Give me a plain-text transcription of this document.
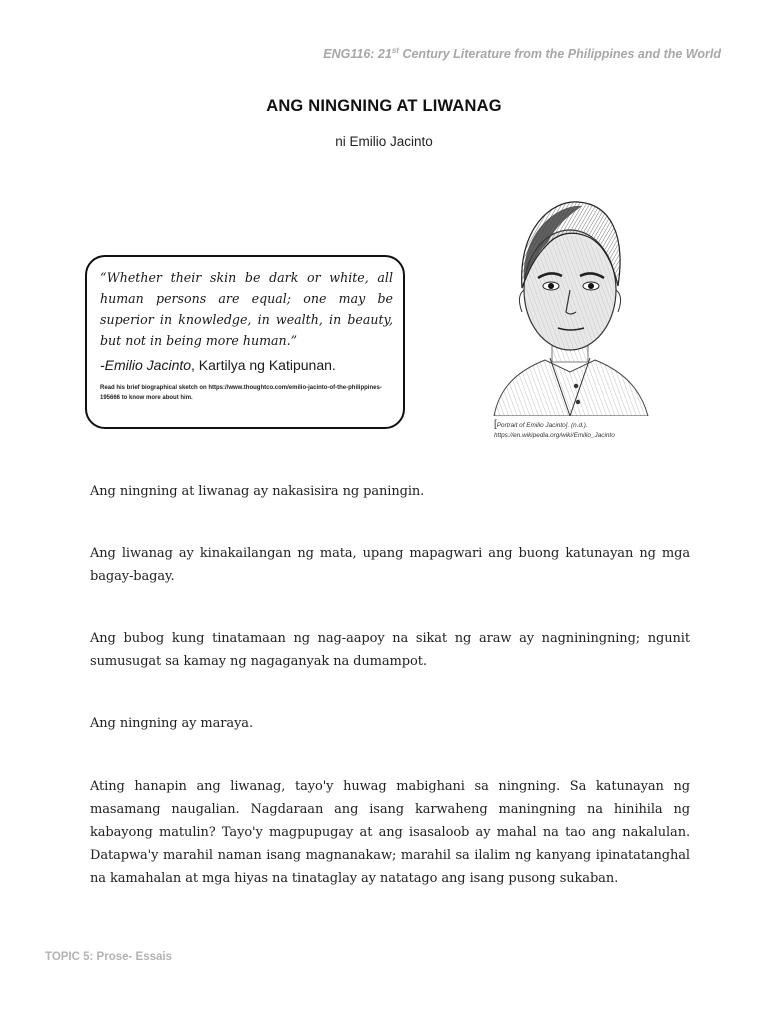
ENG116: 21st Century Literature from the Philippines and the World
ANG NINGNING AT LIWANAG
ni Emilio Jacinto

“Whether their skin be dark or white, all human persons are equal; one may be superior in knowledge, in wealth, in beauty, but not in being more human.”

-Emilio Jacinto, Kartilya ng Katipunan.
Read his brief biographical sketch on https://www.thoughtco.com/emilio-jacinto-of-the-philippines-195666 to know more about him.
[Portrait of Emilio Jacinto]. (n.d.).
https://en.wikipedia.org/wiki/Emilio_Jacinto

Ang ningning at liwanag ay nakasisira ng paningin.

Ang liwanag ay kinakailangan ng mata, upang mapagwari ang buong katunayan ng mga bagay-bagay.

Ang bubog kung tinatamaan ng nag-aapoy na sikat ng araw ay nagniningning; ngunit sumusugat sa kamay ng nagaganyak na dumampot.

Ang ningning ay maraya.

Ating hanapin ang liwanag, tayo'y huwag mabighani sa ningning. Sa katunayan ng masamang naugalian. Nagdaraan ang isang karwaheng maningning na hinihila ng kabayong matulin? Tayo'y magpupugay at ang isasaloob ay mahal na tao ang nakalulan. Datapwa'y marahil naman isang magnanakaw; marahil sa ilalim ng kanyang ipinatatanghal na kamahalan at mga hiyas na tinataglay ay natatago ang isang pusong sukaban.

TOPIC 5: Prose- Essais
